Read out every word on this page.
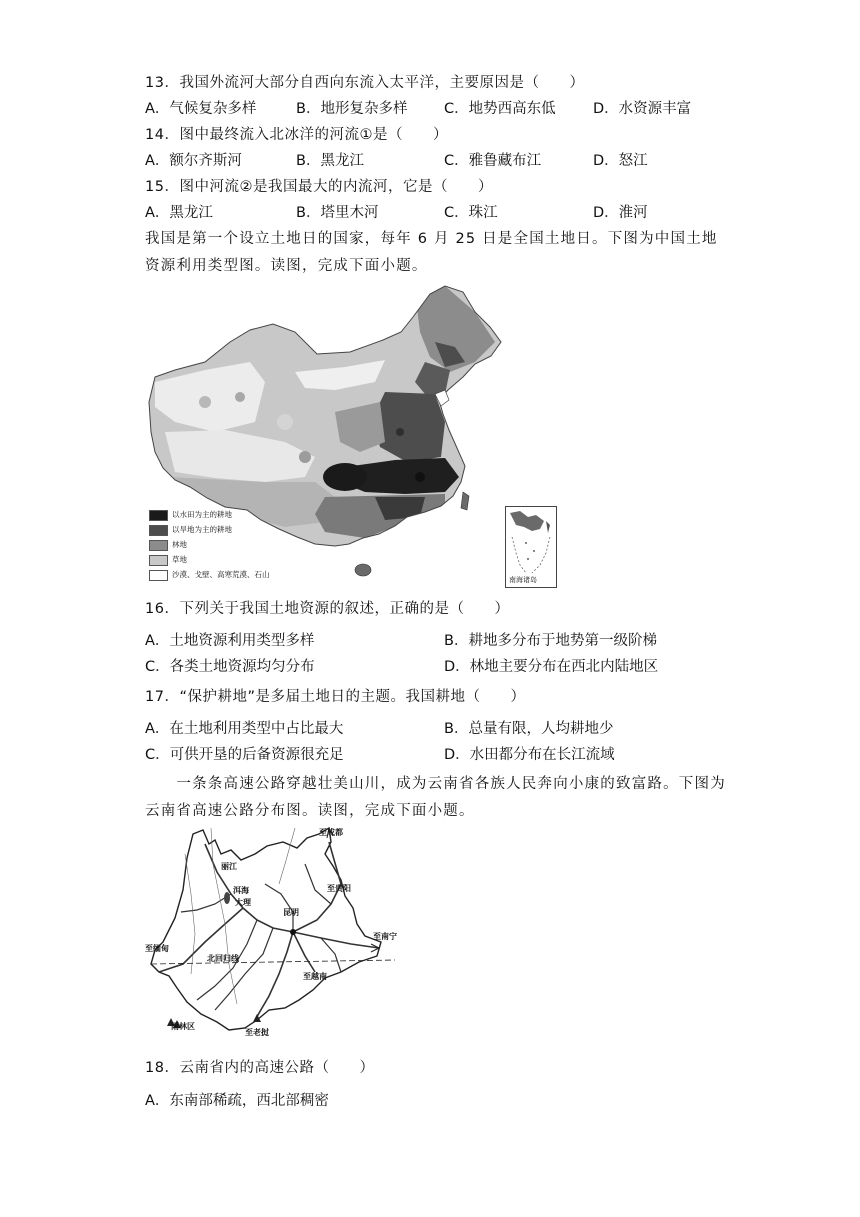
13．我国外流河大部分自西向东流入太平洋，主要原因是（　　）
A．气候复杂多样	B．地形复杂多样	C．地势西高东低	D．水资源丰富
14．图中最终流入北冰洋的河流①是（　　）
A．额尔齐斯河	B．黑龙江	C．雅鲁藏布江	D．怒江
15．图中河流②是我国最大的内流河，它是（　　）
A．黑龙江	B．塔里木河	C．珠江	D．淮河
我国是第一个设立土地日的国家，每年 6 月 25 日是全国土地日。下图为中国土地资源利用类型图。读图，完成下面小题。
以水田为主的耕地
以旱地为主的耕地
林地
草地
沙漠、戈壁、高寒荒漠、石山
南海诸岛
16．下列关于我国土地资源的叙述，正确的是（　　）
A．土地资源利用类型多样	B．耕地多分布于地势第一级阶梯
C．各类土地资源均匀分布	D．林地主要分布在西北内陆地区
17．“保护耕地”是多届土地日的主题。我国耕地（　　）
A．在土地利用类型中占比最大	B．总量有限，人均耕地少
C．可供开垦的后备资源很充足	D．水田都分布在长江流域
　　一条条高速公路穿越壮美山川，成为云南省各族人民奔向小康的致富路。下图为云南省高速公路分布图。读图，完成下面小题。
至成都
丽江
洱海
大理
至贵阳
昆明
至南宁
至缅甸
北回归线
至越南
雨林区
至老挝
18．云南省内的高速公路（　　）
A．东南部稀疏，西北部稠密
